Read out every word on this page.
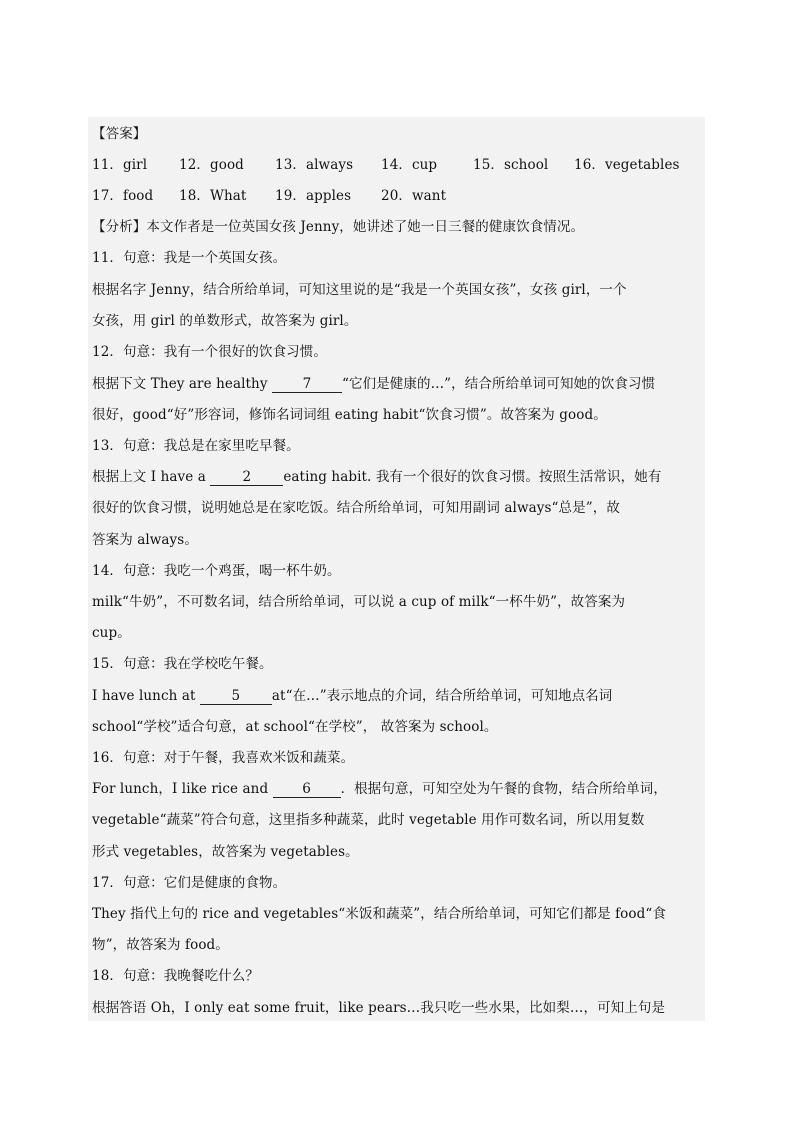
【答案】
11．girl 12．good 13．always 14．cup	15．school 16．vegetables
17．food 18．What 19．apples 20．want
【分析】本文作者是一位英国女孩 Jenny，她讲述了她一日三餐的健康饮食情况。
11．句意：我是一个英国女孩。
根据名字 Jenny，结合所给单词，可知这里说的是“我是一个英国女孩”，女孩 girl，一个
女孩，用 girl 的单数形式，故答案为 girl。
12．句意：我有一个很好的饮食习惯。
根据下文 They are healthy 7 “它们是健康的…”，结合所给单词可知她的饮食习惯
很好，good“好”形容词，修饰名词词组 eating habit“饮食习惯”。故答案为 good。
13．句意：我总是在家里吃早餐。
根据上文 I have a 2 eating habit. 我有一个很好的饮食习惯。按照生活常识，她有
很好的饮食习惯，说明她总是在家吃饭。结合所给单词，可知用副词 always“总是”，故
答案为 always。
14．句意：我吃一个鸡蛋，喝一杯牛奶。
milk“牛奶”，不可数名词，结合所给单词，可以说 a cup of milk“一杯牛奶”，故答案为
cup。
15．句意：我在学校吃午餐。
I have lunch at 5 at“在…”表示地点的介词，结合所给单词，可知地点名词
school“学校”适合句意，at school“在学校”， 故答案为 school。
16．句意：对于午餐，我喜欢米饭和蔬菜。
For lunch，I like rice and 6 ．根据句意，可知空处为午餐的食物，结合所给单词，
vegetable“蔬菜”符合句意，这里指多种蔬菜，此时 vegetable 用作可数名词，所以用复数
形式 vegetables，故答案为 vegetables。
17．句意：它们是健康的食物。
They 指代上句的 rice and vegetables“米饭和蔬菜”，结合所给单词，可知它们都是 food“食
物”，故答案为 food。
18．句意：我晚餐吃什么？
根据答语 Oh，I only eat some fruit，like pears…我只吃一些水果，比如梨…，可知上句是
